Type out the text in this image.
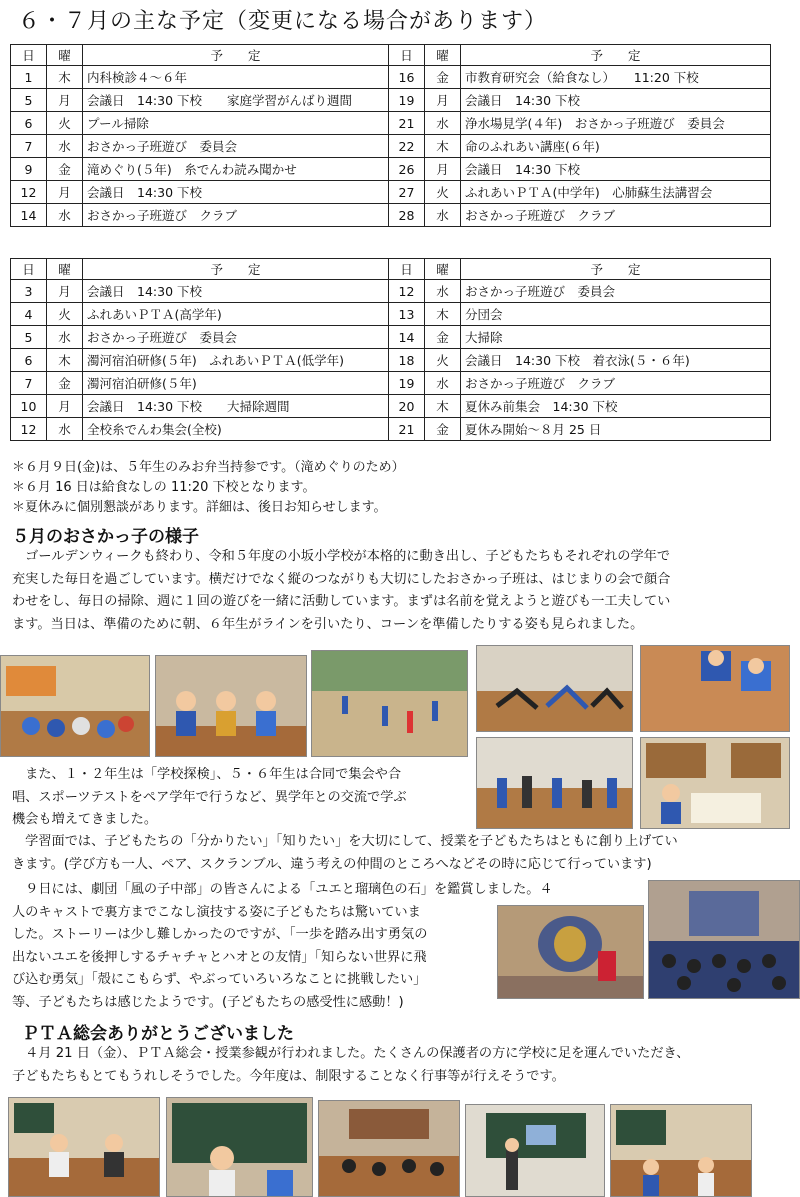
６・７月の主な予定（変更になる場合があります）
日	曜	予　　定	日	曜	予　　定
1	木	内科検診４～６年	16	金	市教育研究会（給食なし）　　11:20 下校
5	月	会議日　14:30 下校　　家庭学習がんばり週間	19	月	会議日　14:30 下校
6	火	プール掃除	21	水	浄水場見学(４年)　おさかっ子班遊び　委員会
7	水	おさかっ子班遊び　委員会	22	木	命のふれあい講座(６年)
9	金	滝めぐり(５年)　糸でんわ読み聞かせ	26	月	会議日　14:30 下校
12	月	会議日　14:30 下校	27	火	ふれあいＰＴＡ(中学年)　心肺蘇生法講習会
14	水	おさかっ子班遊び　クラブ	28	水	おさかっ子班遊び　クラブ
日	曜	予　　定	日	曜	予　　定
3	月	会議日　14:30 下校	12	水	おさかっ子班遊び　委員会
4	火	ふれあいＰＴＡ(高学年)	13	木	分団会
5	水	おさかっ子班遊び　委員会	14	金	大掃除
6	木	濁河宿泊研修(５年)　ふれあいＰＴＡ(低学年)	18	火	会議日　14:30 下校　着衣泳(５・６年)
7	金	濁河宿泊研修(５年)	19	水	おさかっ子班遊び　クラブ
10	月	会議日　14:30 下校　　大掃除週間	20	木	夏休み前集会　14:30 下校
12	水	全校糸でんわ集会(全校)	21	金	夏休み開始～８月 25 日
＊６月９日(金)は、５年生のみお弁当持参です。（滝めぐりのため）
＊６月 16 日は給食なしの 11:20 下校となります。
＊夏休みに個別懇談があります。詳細は、後日お知らせします。
５月のおさかっ子の様子
　ゴールデンウィークも終わり、令和５年度の小坂小学校が本格的に動き出し、子どもたちもそれぞれの学年で
充実した毎日を過ごしています。横だけでなく縦のつながりも大切にしたおさかっ子班は、はじまりの会で顔合
わせをし、毎日の掃除、週に１回の遊びを一緒に活動しています。まずは名前を覚えようと遊びも一工夫してい
ます。当日は、準備のために朝、６年生がラインを引いたり、コーンを準備したりする姿も見られました。
　また、１・２年生は「学校探検」、５・６年生は合同で集会や合
唱、スポーツテストをペア学年で行うなど、異学年との交流で学ぶ
機会も増えてきました。
　学習面では、子どもたちの「分かりたい」「知りたい」を大切にして、授業を子どもたちはともに創り上げてい
きます。(学び方も一人、ペア、スクランブル、違う考えの仲間のところへなどその時に応じて行っています)
　９日には、劇団「風の子中部」の皆さんによる「ユエと瑠璃色の石」を鑑賞しました。４
人のキャストで裏方までこなし演技する姿に子どもたちは驚いていま
した。ストーリーは少し難しかったのですが、「一歩を踏み出す勇気の
出ないユエを後押しするチャチャとハオとの友情」「知らない世界に飛
び込む勇気」「殻にこもらず、やぶっていろいろなことに挑戦したい」
等、子どもたちは感じたようです。(子どもたちの感受性に感動！)
ＰＴＡ総会ありがとうございました
　４月 21 日（金）、ＰＴＡ総会・授業参観が行われました。たくさんの保護者の方に学校に足を運んでいただき、
子どもたちもとてもうれしそうでした。今年度は、制限することなく行事等が行えそうです。
